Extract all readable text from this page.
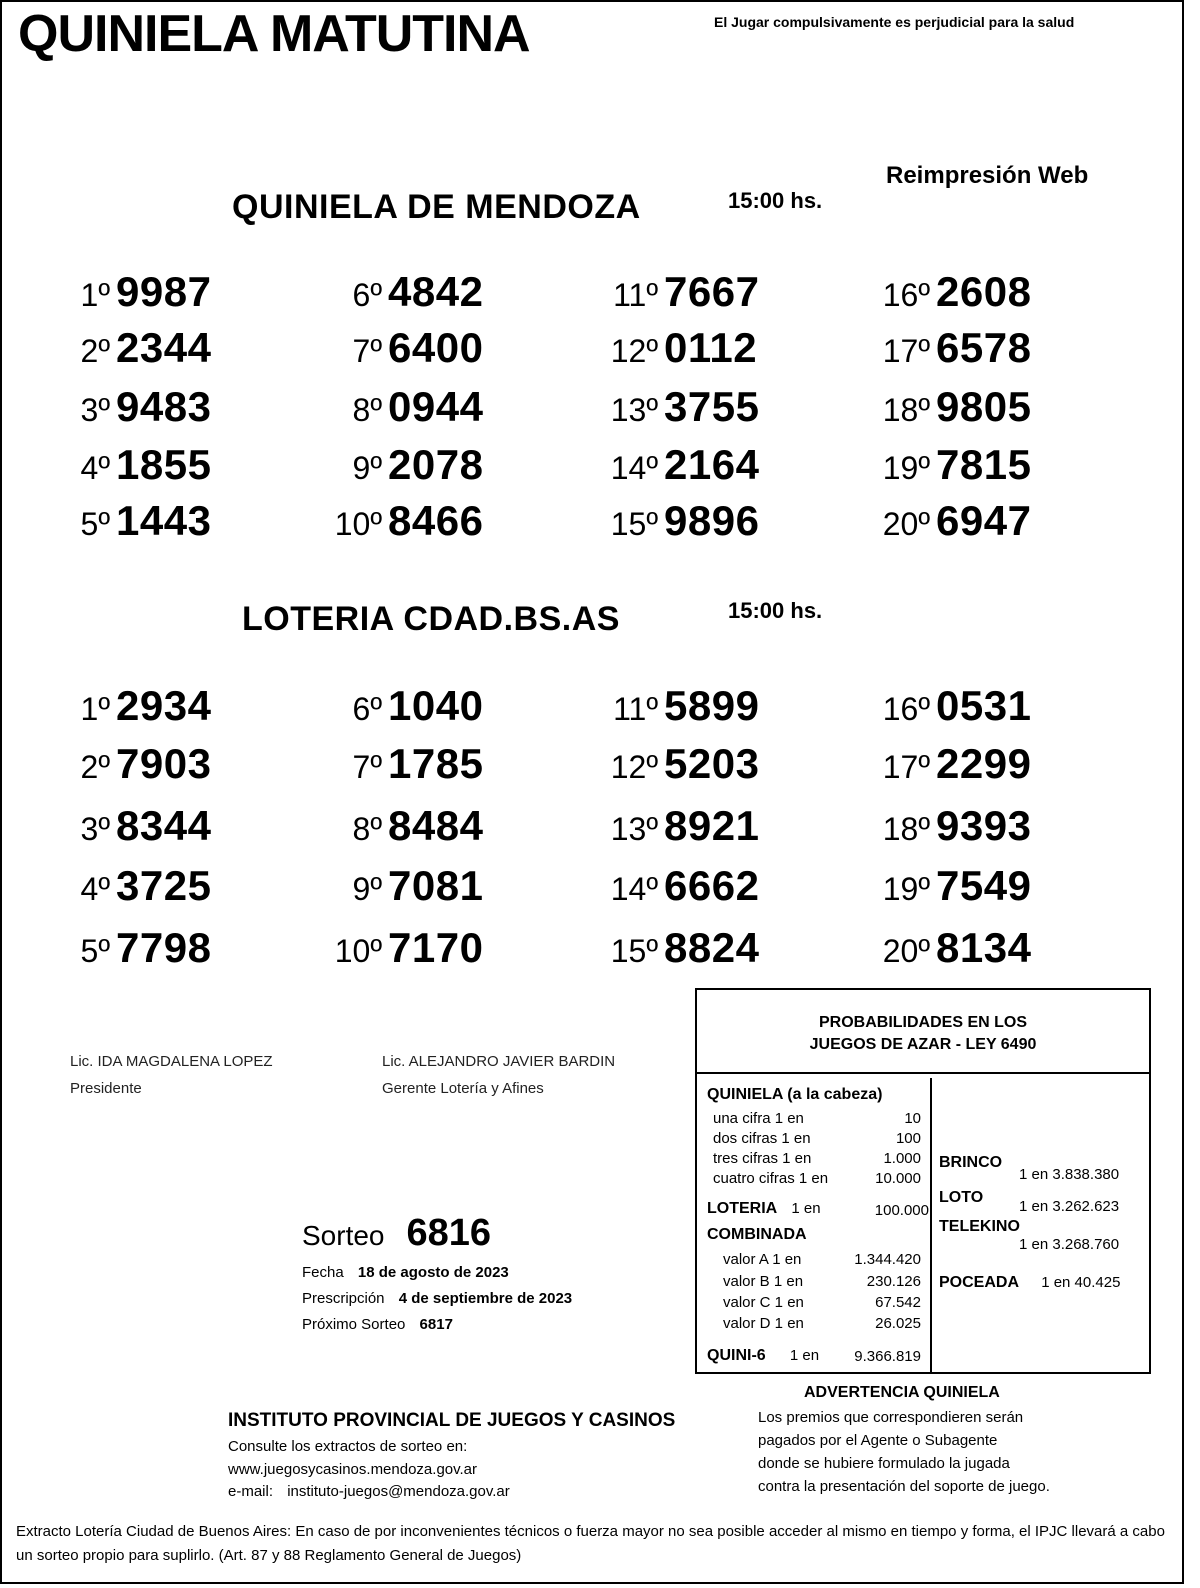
QUINIELA MATUTINA	El Jugar compulsivamente es perjudicial para la salud
Reimpresión Web
QUINIELA DE MENDOZA	15:00 hs.
1º 9987
2º 2344
3º 9483
4º 1855
5º 1443
6º 4842
7º 6400
8º 0944
9º 2078
10º 8466
11º 7667
12º 0112
13º 3755
14º 2164
15º 9896
16º 2608
17º 6578
18º 9805
19º 7815
20º 6947
LOTERIA CDAD.BS.AS	15:00 hs.
1º 2934
2º 7903
3º 8344
4º 3725
5º 7798
6º 1040
7º 1785
8º 8484
9º 7081
10º 7170
11º 5899
12º 5203
13º 8921
14º 6662
15º 8824
16º 0531
17º 2299
18º 9393
19º 7549
20º 8134
Lic. IDA MAGDALENA LOPEZ
Presidente
Lic. ALEJANDRO JAVIER BARDIN
Gerente Lotería y Afines
Sorteo 6816
Fecha 18 de agosto de 2023
Prescripción 4 de septiembre de 2023
Próximo Sorteo 6817
PROBABILIDADES EN LOS
JUEGOS DE AZAR - LEY 6490
QUINIELA (a la cabeza)
una cifra 1 en	10
dos cifras 1 en	100
tres cifras 1 en	1.000
cuatro cifras 1 en	10.000
LOTERIA 1 en	100.000
COMBINADA
valor A 1 en	1.344.420
valor B 1 en	230.126
valor C 1 en	67.542
valor D 1 en	26.025
QUINI-6 1 en 9.366.819
BRINCO
1 en 3.838.380
LOTO
1 en 3.262.623
TELEKINO
1 en 3.268.760
POCEADA 1 en 40.425
ADVERTENCIA QUINIELA
Los premios que correspondieren serán
pagados por el Agente o Subagente
donde se hubiere formulado la jugada
contra la presentación del soporte de juego.
INSTITUTO PROVINCIAL DE JUEGOS Y CASINOS
Consulte los extractos de sorteo en:
www.juegosycasinos.mendoza.gov.ar
e-mail: instituto-juegos@mendoza.gov.ar
Extracto Lotería Ciudad de Buenos Aires: En caso de por inconvenientes técnicos o fuerza mayor no sea posible acceder al mismo en tiempo y forma, el IPJC llevará a cabo un sorteo propio para suplirlo. (Art. 87 y 88 Reglamento General de Juegos)
